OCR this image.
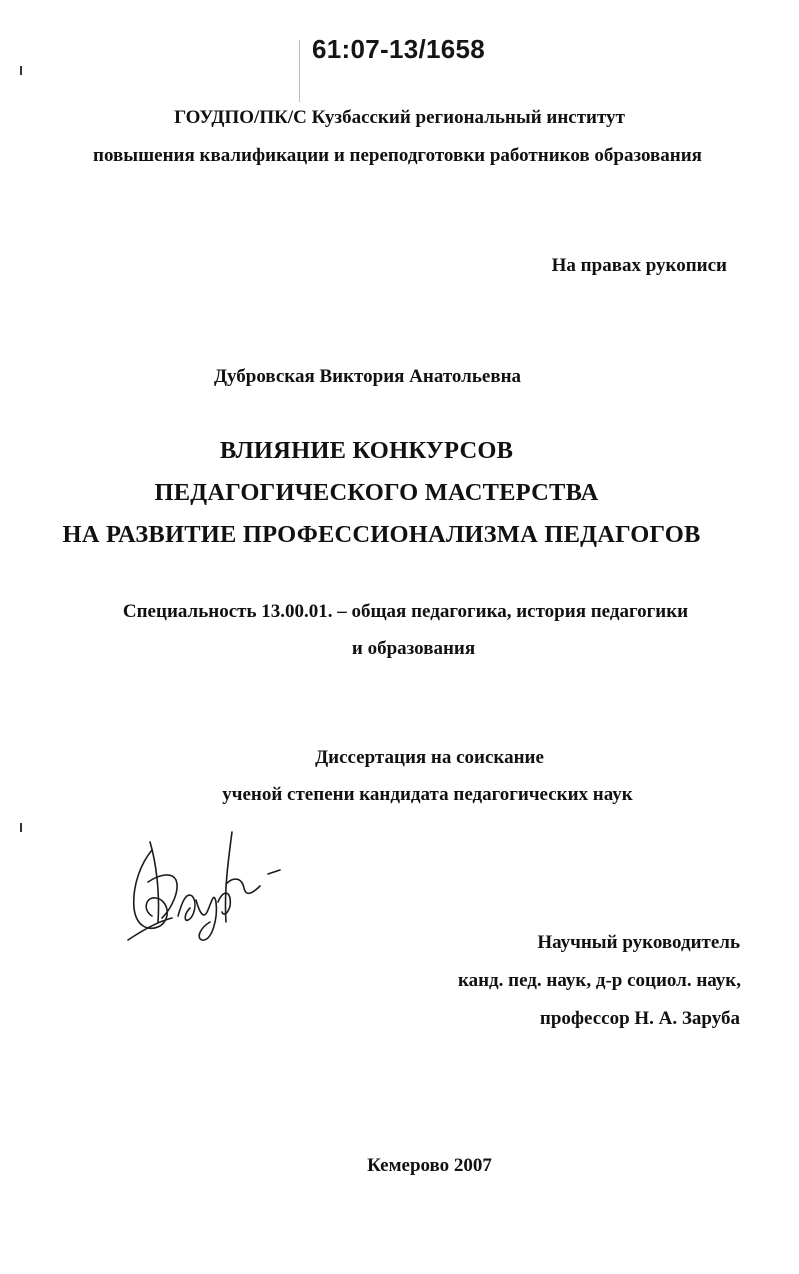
61:07-13/1658
ГОУДПО/ПК/С Кузбасский региональный институт
повышения квалификации и переподготовки работников образования
На правах рукописи
Дубровская Виктория Анатольевна
ВЛИЯНИЕ КОНКУРСОВ
ПЕДАГОГИЧЕСКОГО МАСТЕРСТВА
НА РАЗВИТИЕ ПРОФЕССИОНАЛИЗМА ПЕДАГОГОВ
Специальность 13.00.01. – общая педагогика, история педагогики
и образования
Диссертация на соискание
ученой степени кандидата педагогических наук
Научный руководитель
канд. пед. наук, д-р социол. наук,
профессор Н. А. Заруба
Кемерово 2007
